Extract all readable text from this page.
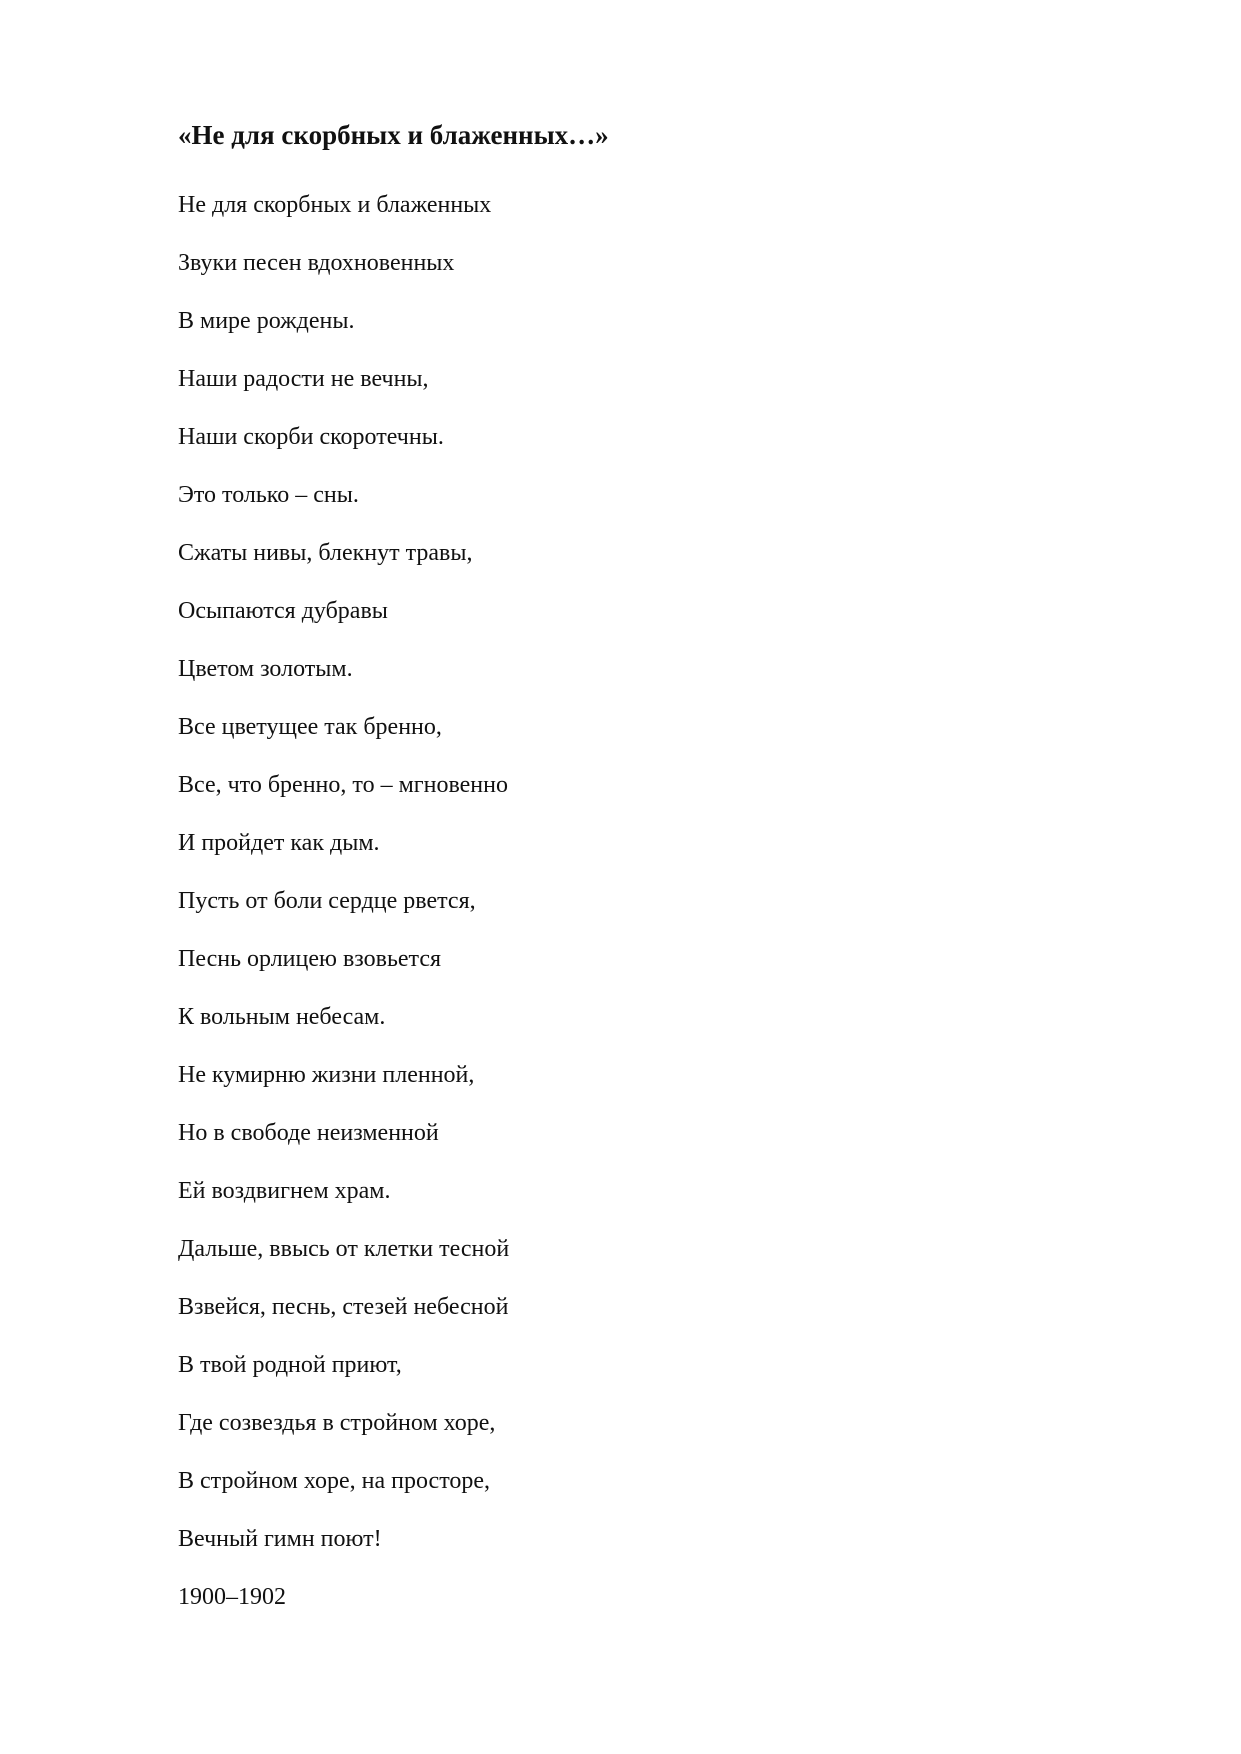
«Не для скорбных и блаженных…»
Не для скорбных и блаженных
Звуки песен вдохновенных
В мире рождены.
Наши радости не вечны,
Наши скорби скоротечны.
Это только – сны.
Сжаты нивы, блекнут травы,
Осыпаются дубравы
Цветом золотым.
Все цветущее так бренно,
Все, что бренно, то – мгновенно
И пройдет как дым.
Пусть от боли сердце рвется,
Песнь орлицею взовьется
К вольным небесам.
Не кумирню жизни пленной,
Но в свободе неизменной
Ей воздвигнем храм.
Дальше, ввысь от клетки тесной
Взвейся, песнь, стезей небесной
В твой родной приют,
Где созвездья в стройном хоре,
В стройном хоре, на просторе,
Вечный гимн поют!
1900–1902
